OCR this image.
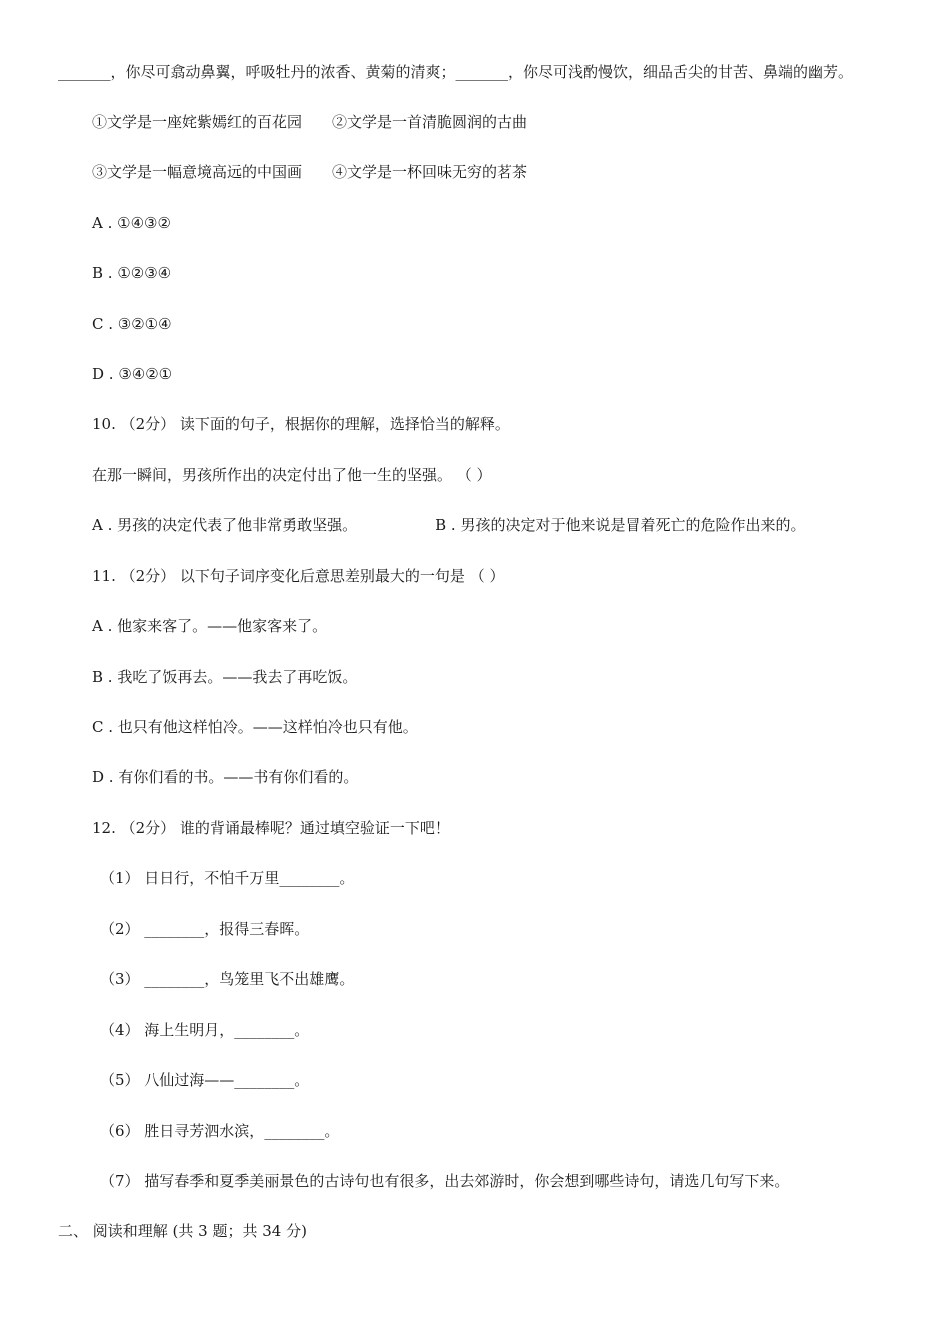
_______，你尽可翕动鼻翼，呼吸牡丹的浓香、黄菊的清爽；_______，你尽可浅酌慢饮，细品舌尖的甘苦、鼻端的幽芳。
①文学是一座姹紫嫣红的百花园 ②文学是一首清脆圆润的古曲
③文学是一幅意境高远的中国画 ④文学是一杯回味无穷的茗茶
A . ①④③②
B . ①②③④
C . ③②①④
D . ③④②①
10. （2分） 读下面的句子，根据你的理解，选择恰当的解释。
在那一瞬间，男孩所作出的决定付出了他一生的坚强。 （ ）
A . 男孩的决定代表了他非常勇敢坚强。	B . 男孩的决定对于他来说是冒着死亡的危险作出来的。
11. （2分） 以下句子词序变化后意思差别最大的一句是 （ ）
A . 他家来客了。——他家客来了。
B . 我吃了饭再去。——我去了再吃饭。
C . 也只有他这样怕冷。——这样怕冷也只有他。
D . 有你们看的书。——书有你们看的。
12. （2分） 谁的背诵最棒呢？通过填空验证一下吧！
（1） 日日行，不怕千万里________。
（2） ________，报得三春晖。
（3） ________，鸟笼里飞不出雄鹰。
（4） 海上生明月，________。
（5） 八仙过海——________。
（6） 胜日寻芳泗水滨，________。
（7） 描写春季和夏季美丽景色的古诗句也有很多，出去郊游时，你会想到哪些诗句，请选几句写下来。
二、 阅读和理解 (共 3 题；共 34 分)
